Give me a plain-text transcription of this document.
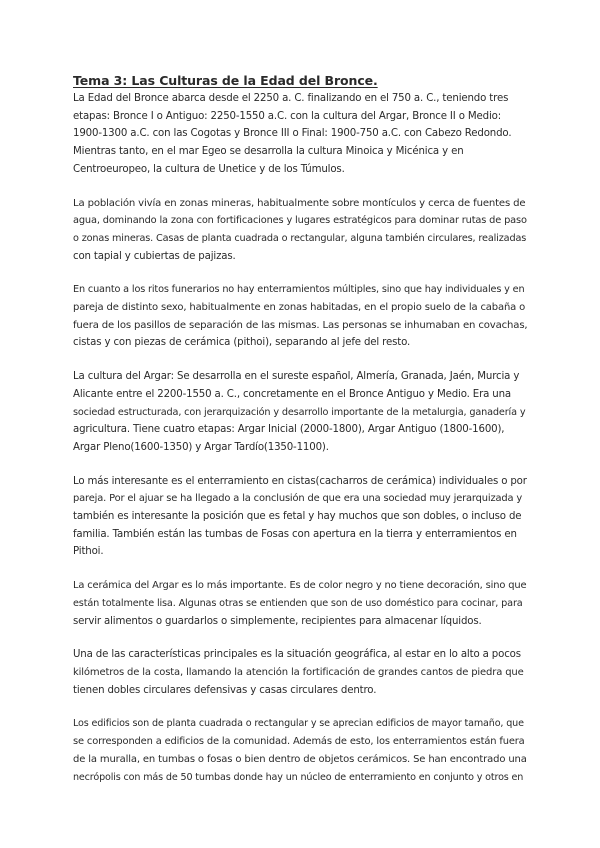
Tema 3: Las Culturas de la Edad del Bronce.

La Edad del Bronce abarca desde el 2250 a. C. finalizando en el 750 a. C., teniendo tres
etapas: Bronce I o Antiguo: 2250-1550 a.C. con la cultura del Argar, Bronce II o Medio:
1900-1300 a.C. con las Cogotas y Bronce III o Final: 1900-750 a.C. con Cabezo Redondo.
Mientras tanto, en el mar Egeo se desarrolla la cultura Minoica y Micénica y en
Centroeuropeo, la cultura de Unetice y de los Túmulos.

La población vivía en zonas mineras, habitualmente sobre montículos y cerca de fuentes de
agua, dominando la zona con fortificaciones y lugares estratégicos para dominar rutas de paso
o zonas mineras. Casas de planta cuadrada o rectangular, alguna también circulares, realizadas
con tapial y cubiertas de pajizas.

En cuanto a los ritos funerarios no hay enterramientos múltiples, sino que hay individuales y en
pareja de distinto sexo, habitualmente en zonas habitadas, en el propio suelo de la cabaña o
fuera de los pasillos de separación de las mismas. Las personas se inhumaban en covachas,
cistas y con piezas de cerámica (pithoi), separando al jefe del resto.

La cultura del Argar: Se desarrolla en el sureste español, Almería, Granada, Jaén, Murcia y
Alicante entre el 2200-1550 a. C., concretamente en el Bronce Antiguo y Medio. Era una
sociedad estructurada, con jerarquización y desarrollo importante de la metalurgia, ganadería y
agricultura. Tiene cuatro etapas: Argar Inicial (2000-1800), Argar Antiguo (1800-1600),
Argar Pleno(1600-1350) y Argar Tardío(1350-1100).

Lo más interesante es el enterramiento en cistas(cacharros de cerámica) individuales o por
pareja. Por el ajuar se ha llegado a la conclusión de que era una sociedad muy jerarquizada y
también es interesante la posición que es fetal y hay muchos que son dobles, o incluso de
familia. También están las tumbas de Fosas con apertura en la tierra y enterramientos en
Pithoi.

La cerámica del Argar es lo más importante. Es de color negro y no tiene decoración, sino que
están totalmente lisa. Algunas otras se entienden que son de uso doméstico para cocinar, para
servir alimentos o guardarlos o simplemente, recipientes para almacenar líquidos.

Una de las características principales es la situación geográfica, al estar en lo alto a pocos
kilómetros de la costa, llamando la atención la fortificación de grandes cantos de piedra que
tienen dobles circulares defensivas y casas circulares dentro.

Los edificios son de planta cuadrada o rectangular y se aprecian edificios de mayor tamaño, que
se corresponden a edificios de la comunidad. Además de esto, los enterramientos están fuera
de la muralla, en tumbas o fosas o bien dentro de objetos cerámicos. Se han encontrado una
necrópolis con más de 50 tumbas donde hay un núcleo de enterramiento en conjunto y otros en
